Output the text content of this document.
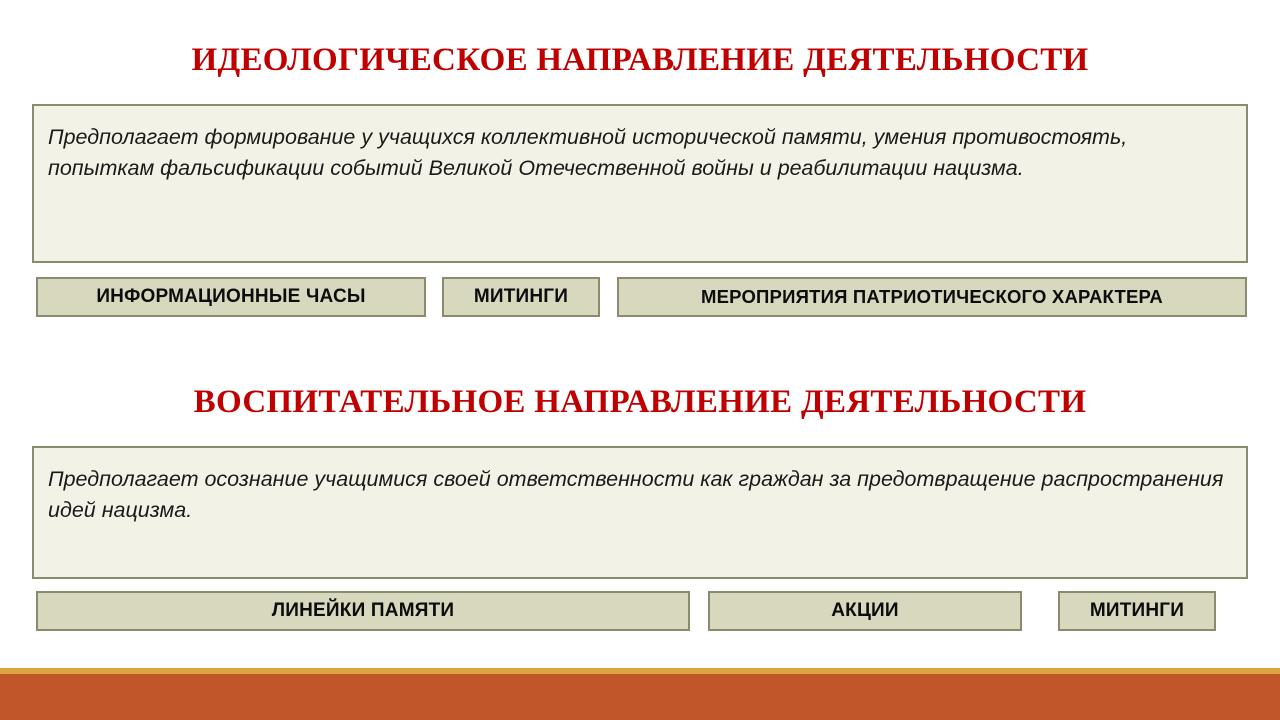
ИДЕОЛОГИЧЕСКОЕ НАПРАВЛЕНИЕ ДЕЯТЕЛЬНОСТИ
Предполагает формирование у учащихся коллективной исторической памяти, умения противостоять, попыткам фальсификации событий Великой Отечественной войны и реабилитации нацизма.
ИНФОРМАЦИОННЫЕ ЧАСЫ	МИТИНГИ	МЕРОПРИЯТИЯ ПАТРИОТИЧЕСКОГО ХАРАКТЕРА
ВОСПИТАТЕЛЬНОЕ НАПРАВЛЕНИЕ ДЕЯТЕЛЬНОСТИ
Предполагает осознание учащимися своей ответственности как граждан за предотвращение распространения идей нацизма.
ЛИНЕЙКИ ПАМЯТИ	АКЦИИ	МИТИНГИ
